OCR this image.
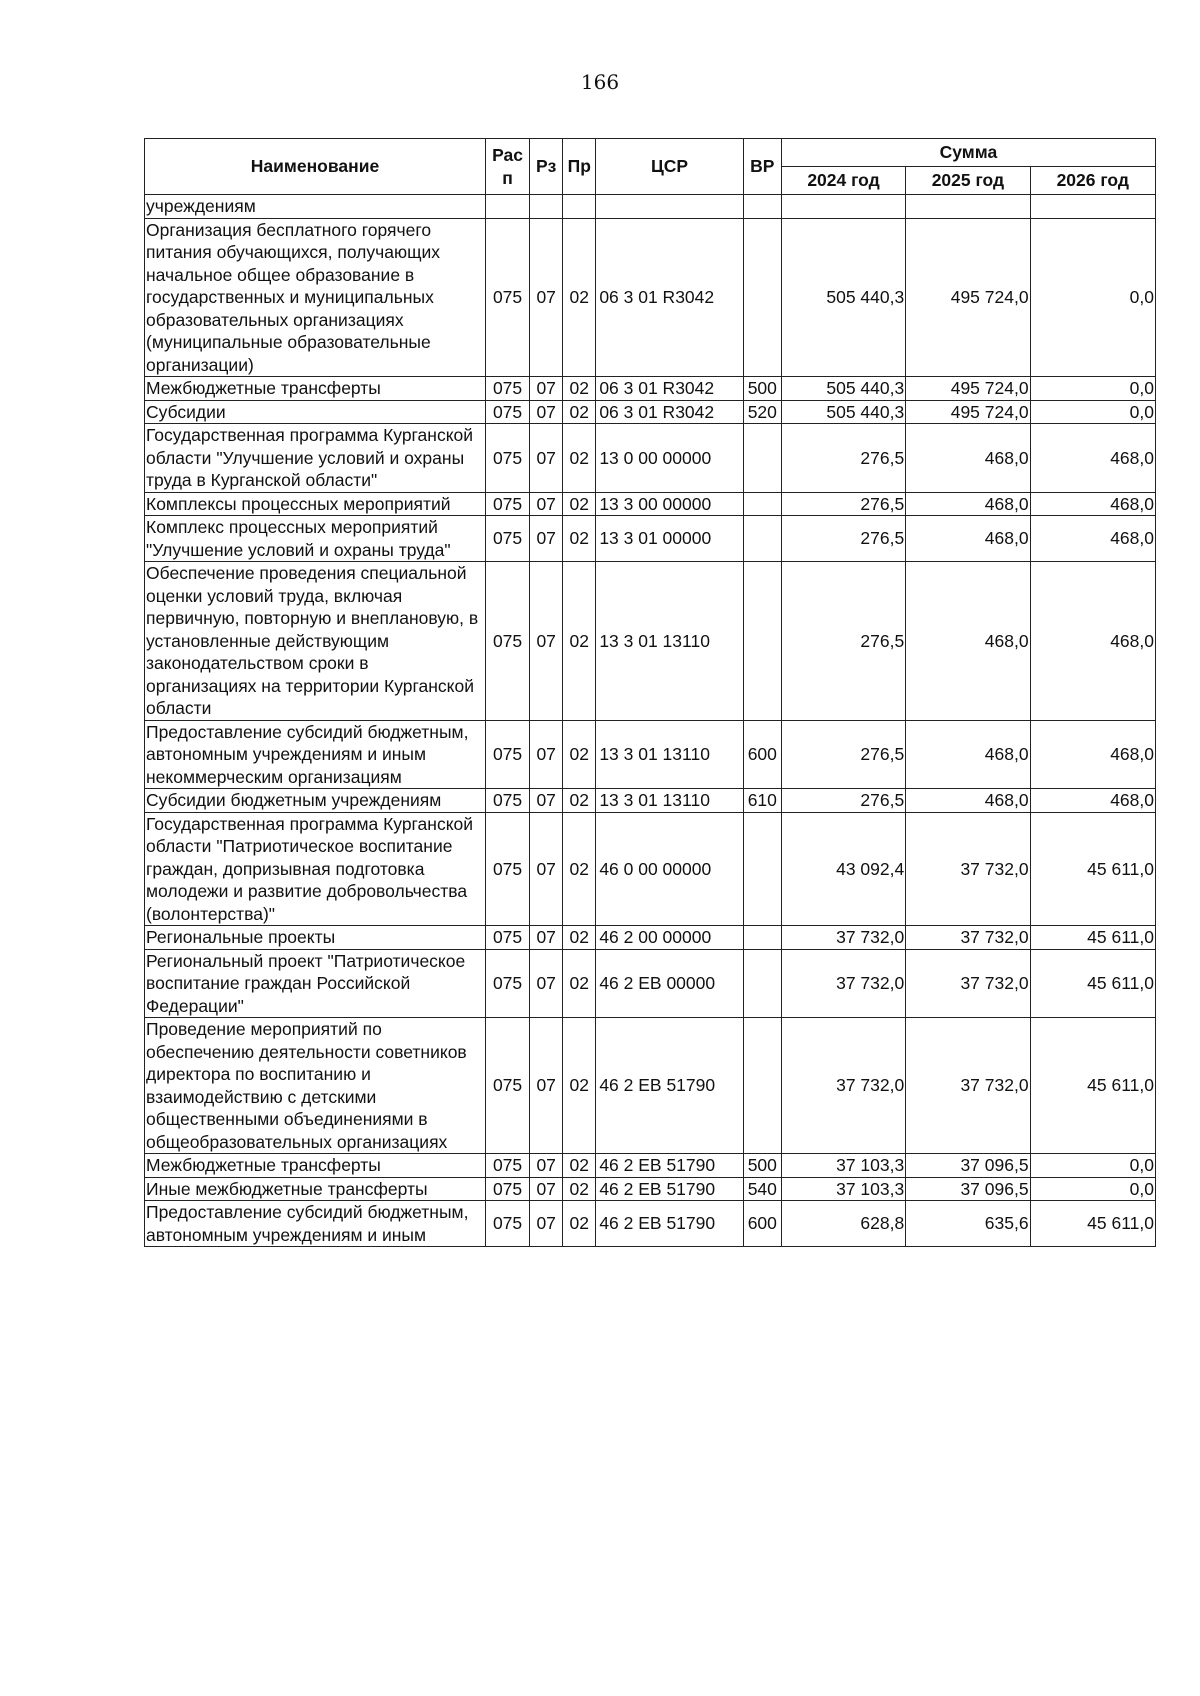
166
Наименование	Рас п	Рз	Пр	ЦСР	ВР	Сумма		
						2024 год	2025 год	2026 год
учреждениям								
Организация бесплатного горячего питания обучающихся, получающих начальное общее образование в государственных и муниципальных образовательных организациях (муниципальные образовательные организации)	075	07	02	06 3 01 R3042		505 440,3	495 724,0	0,0
Межбюджетные трансферты	075	07	02	06 3 01 R3042	500	505 440,3	495 724,0	0,0
Субсидии	075	07	02	06 3 01 R3042	520	505 440,3	495 724,0	0,0
Государственная программа Курганской области "Улучшение условий и охраны труда в Курганской области"	075	07	02	13 0 00 00000		276,5	468,0	468,0
Комплексы процессных мероприятий	075	07	02	13 3 00 00000		276,5	468,0	468,0
Комплекс процессных мероприятий "Улучшение условий и охраны труда"	075	07	02	13 3 01 00000		276,5	468,0	468,0
Обеспечение проведения специальной оценки условий труда, включая первичную, повторную и внеплановую, в установленные действующим законодательством сроки в организациях на территории Курганской области	075	07	02	13 3 01 13110		276,5	468,0	468,0
Предоставление субсидий бюджетным, автономным учреждениям и иным некоммерческим организациям	075	07	02	13 3 01 13110	600	276,5	468,0	468,0
Субсидии бюджетным учреждениям	075	07	02	13 3 01 13110	610	276,5	468,0	468,0
Государственная программа Курганской области "Патриотическое воспитание граждан, допризывная подготовка молодежи и развитие добровольчества (волонтерства)"	075	07	02	46 0 00 00000		43 092,4	37 732,0	45 611,0
Региональные проекты	075	07	02	46 2 00 00000		37 732,0	37 732,0	45 611,0
Региональный проект "Патриотическое воспитание граждан Российской Федерации"	075	07	02	46 2 EB 00000		37 732,0	37 732,0	45 611,0
Проведение мероприятий по обеспечению деятельности советников директора по воспитанию и взаимодействию с детскими общественными объединениями в общеобразовательных организациях	075	07	02	46 2 EB 51790		37 732,0	37 732,0	45 611,0
Межбюджетные трансферты	075	07	02	46 2 EB 51790	500	37 103,3	37 096,5	0,0
Иные межбюджетные трансферты	075	07	02	46 2 EB 51790	540	37 103,3	37 096,5	0,0
Предоставление субсидий бюджетным, автономным учреждениям и иным	075	07	02	46 2 EB 51790	600	628,8	635,6	45 611,0
